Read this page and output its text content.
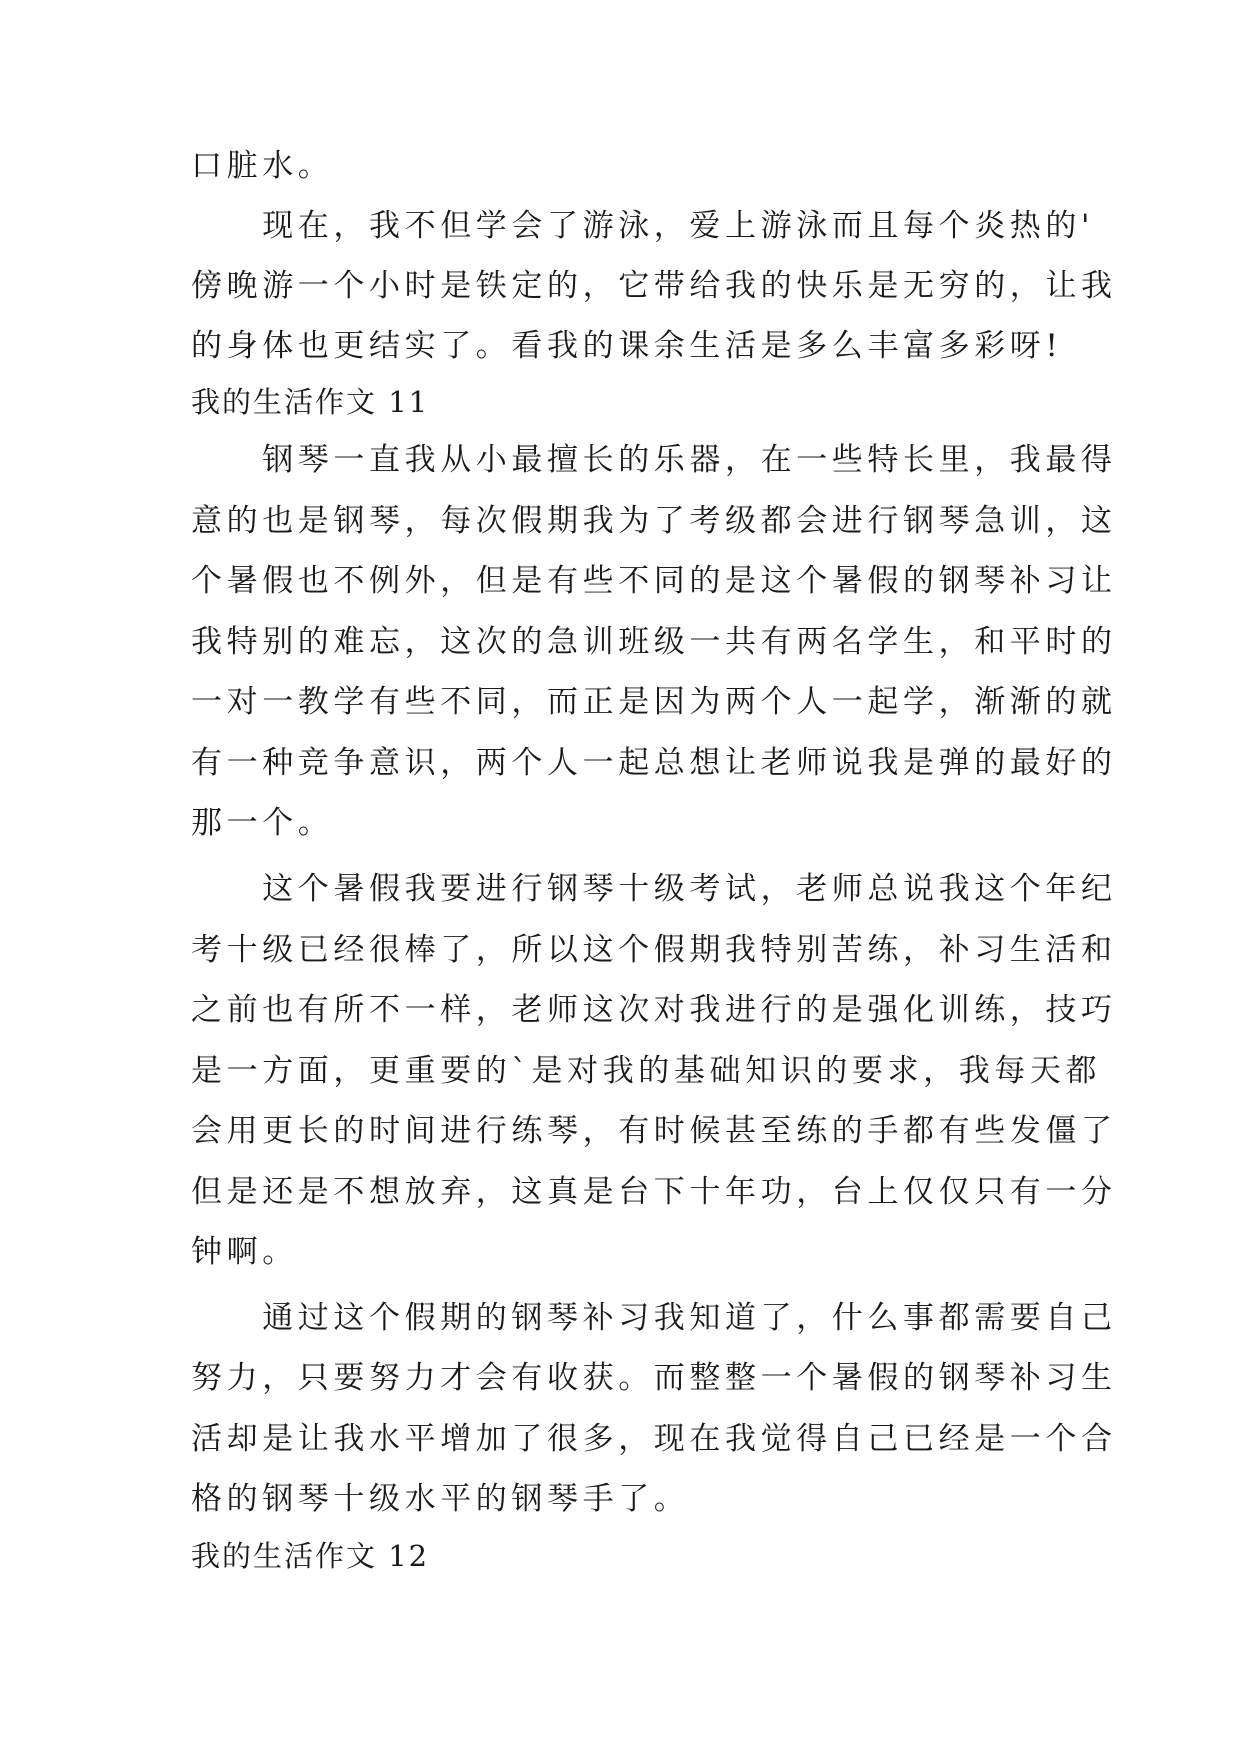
口脏水。
　　现在，我不但学会了游泳，爱上游泳而且每个炎热的'
傍晚游一个小时是铁定的，它带给我的快乐是无穷的，让我
的身体也更结实了。看我的课余生活是多么丰富多彩呀!
我的生活作文 11
　　钢琴一直我从小最擅长的乐器，在一些特长里，我最得
意的也是钢琴，每次假期我为了考级都会进行钢琴急训，这
个暑假也不例外，但是有些不同的是这个暑假的钢琴补习让
我特别的难忘，这次的急训班级一共有两名学生，和平时的
一对一教学有些不同，而正是因为两个人一起学，渐渐的就
有一种竞争意识，两个人一起总想让老师说我是弹的最好的
那一个。
　　这个暑假我要进行钢琴十级考试，老师总说我这个年纪
考十级已经很棒了，所以这个假期我特别苦练，补习生活和
之前也有所不一样，老师这次对我进行的是强化训练，技巧
是一方面，更重要的`是对我的基础知识的要求，我每天都
会用更长的时间进行练琴，有时候甚至练的手都有些发僵了
但是还是不想放弃，这真是台下十年功，台上仅仅只有一分
钟啊。
　　通过这个假期的钢琴补习我知道了，什么事都需要自己
努力，只要努力才会有收获。而整整一个暑假的钢琴补习生
活却是让我水平增加了很多，现在我觉得自己已经是一个合
格的钢琴十级水平的钢琴手了。
我的生活作文 12
